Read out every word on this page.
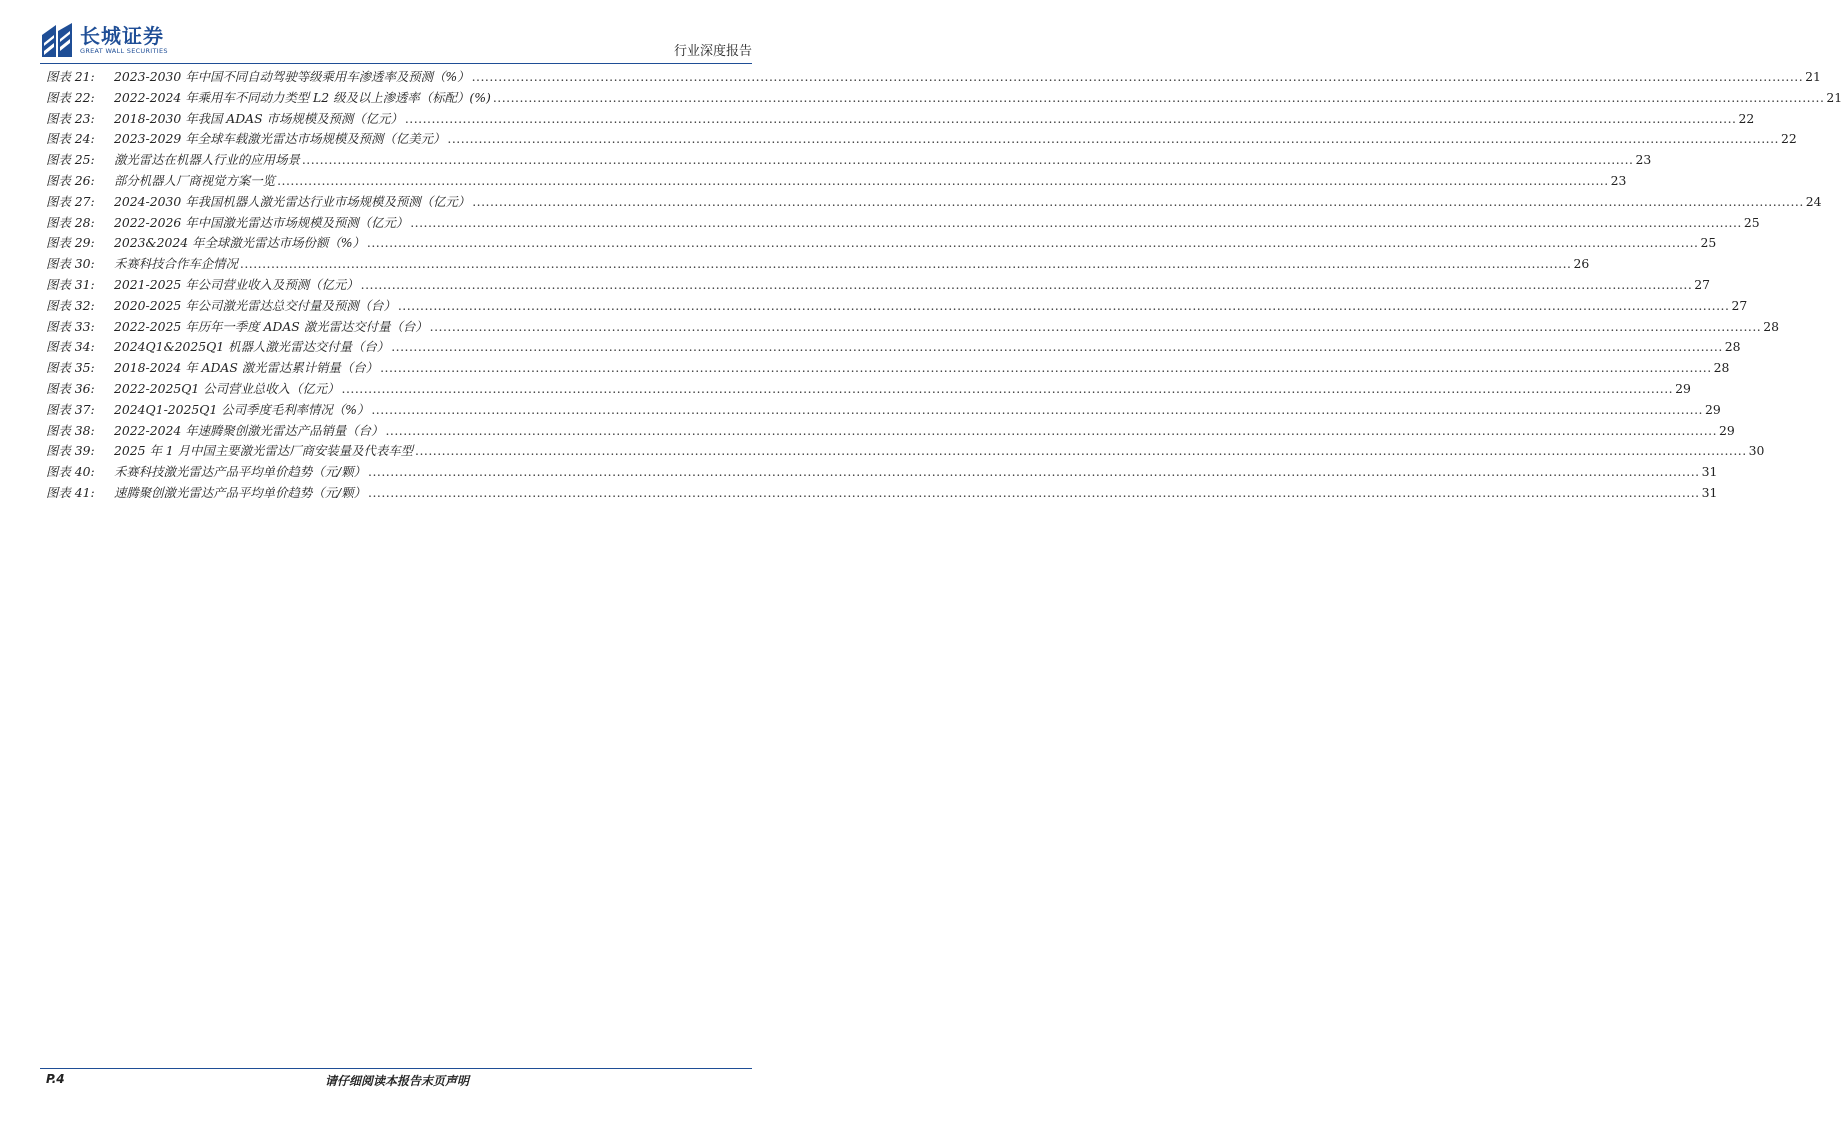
长城证券
GREAT WALL SECURITIES	行业深度报告
图表 21:	2023-2030 年中国不同自动驾驶等级乘用车渗透率及预测（%） ............................................................................................................................................................................................................................................................................................................ 21
图表 22:	2022-2024 年乘用车不同动力类型 L2 级及以上渗透率（标配）(%) ............................................................................................................................................................................................................................................................................................................ 21
图表 23:	2018-2030 年我国 ADAS 市场规模及预测（亿元） ............................................................................................................................................................................................................................................................................................................ 22
图表 24:	2023-2029 年全球车载激光雷达市场规模及预测（亿美元） ............................................................................................................................................................................................................................................................................................................ 22
图表 25:	激光雷达在机器人行业的应用场景 ............................................................................................................................................................................................................................................................................................................ 23
图表 26:	部分机器人厂商视觉方案一览 ............................................................................................................................................................................................................................................................................................................ 23
图表 27:	2024-2030 年我国机器人激光雷达行业市场规模及预测（亿元） ............................................................................................................................................................................................................................................................................................................ 24
图表 28:	2022-2026 年中国激光雷达市场规模及预测（亿元） ............................................................................................................................................................................................................................................................................................................ 25
图表 29:	2023&2024 年全球激光雷达市场份额（%） ............................................................................................................................................................................................................................................................................................................ 25
图表 30:	禾赛科技合作车企情况 ............................................................................................................................................................................................................................................................................................................ 26
图表 31:	2021-2025 年公司营业收入及预测（亿元） ............................................................................................................................................................................................................................................................................................................ 27
图表 32:	2020-2025 年公司激光雷达总交付量及预测（台） ............................................................................................................................................................................................................................................................................................................ 27
图表 33:	2022-2025 年历年一季度 ADAS 激光雷达交付量（台） ............................................................................................................................................................................................................................................................................................................ 28
图表 34:	2024Q1&2025Q1 机器人激光雷达交付量（台） ............................................................................................................................................................................................................................................................................................................ 28
图表 35:	2018-2024 年 ADAS 激光雷达累计销量（台） ............................................................................................................................................................................................................................................................................................................ 28
图表 36:	2022-2025Q1 公司营业总收入（亿元） ............................................................................................................................................................................................................................................................................................................ 29
图表 37:	2024Q1-2025Q1 公司季度毛利率情况（%） ............................................................................................................................................................................................................................................................................................................ 29
图表 38:	2022-2024 年速腾聚创激光雷达产品销量（台） ............................................................................................................................................................................................................................................................................................................ 29
图表 39:	2025 年 1 月中国主要激光雷达厂商安装量及代表车型 ............................................................................................................................................................................................................................................................................................................ 30
图表 40:	禾赛科技激光雷达产品平均单价趋势（元/颗） ............................................................................................................................................................................................................................................................................................................ 31
图表 41:	速腾聚创激光雷达产品平均单价趋势（元/颗） ............................................................................................................................................................................................................................................................................................................ 31
P.4	请仔细阅读本报告末页声明
